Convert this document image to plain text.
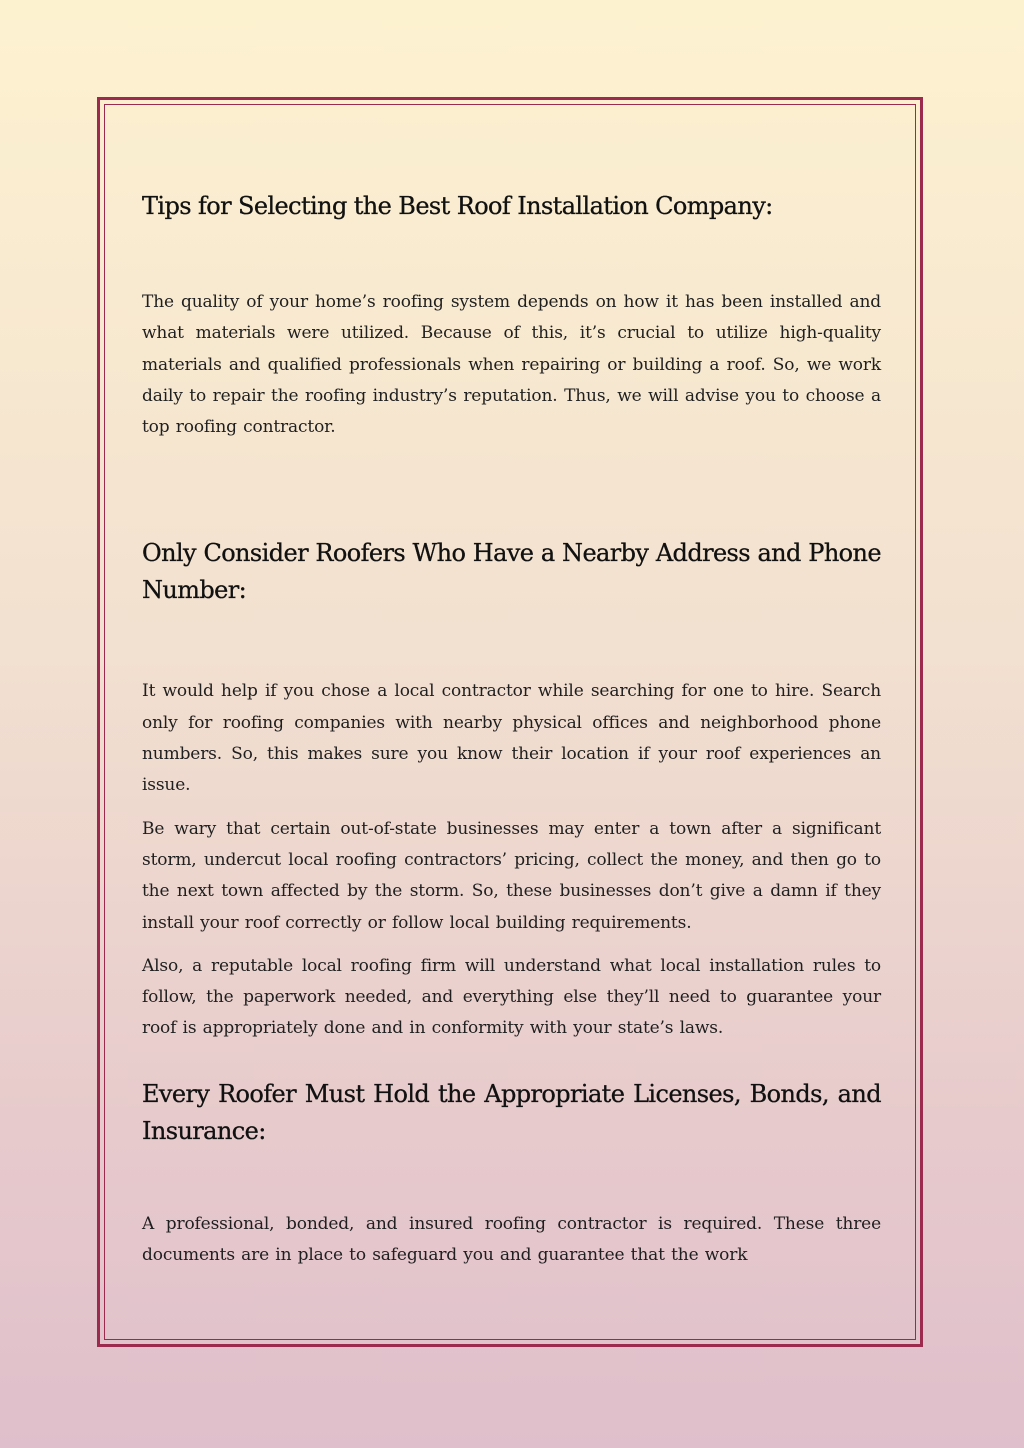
Tips for Selecting the Best Roof Installation Company:

The quality of your home’s roofing system depends on how it has been installed and what materials were utilized. Because of this, it’s crucial to utilize high-quality materials and qualified professionals when repairing or building a roof. So, we work daily to repair the roofing industry’s reputation. Thus, we will advise you to choose a top roofing contractor.

Only Consider Roofers Who Have a Nearby Address and Phone Number:

It would help if you chose a local contractor while searching for one to hire. Search only for roofing companies with nearby physical offices and neighborhood phone numbers. So, this makes sure you know their location if your roof experiences an issue.

Be wary that certain out-of-state businesses may enter a town after a significant storm, undercut local roofing contractors’ pricing, collect the money, and then go to the next town affected by the storm. So, these businesses don’t give a damn if they install your roof correctly or follow local building requirements.

Also, a reputable local roofing firm will understand what local installation rules to follow, the paperwork needed, and everything else they’ll need to guarantee your roof is appropriately done and in conformity with your state’s laws.

Every Roofer Must Hold the Appropriate Licenses, Bonds, and Insurance:

A professional, bonded, and insured roofing contractor is required. These three documents are in place to safeguard you and guarantee that the work
